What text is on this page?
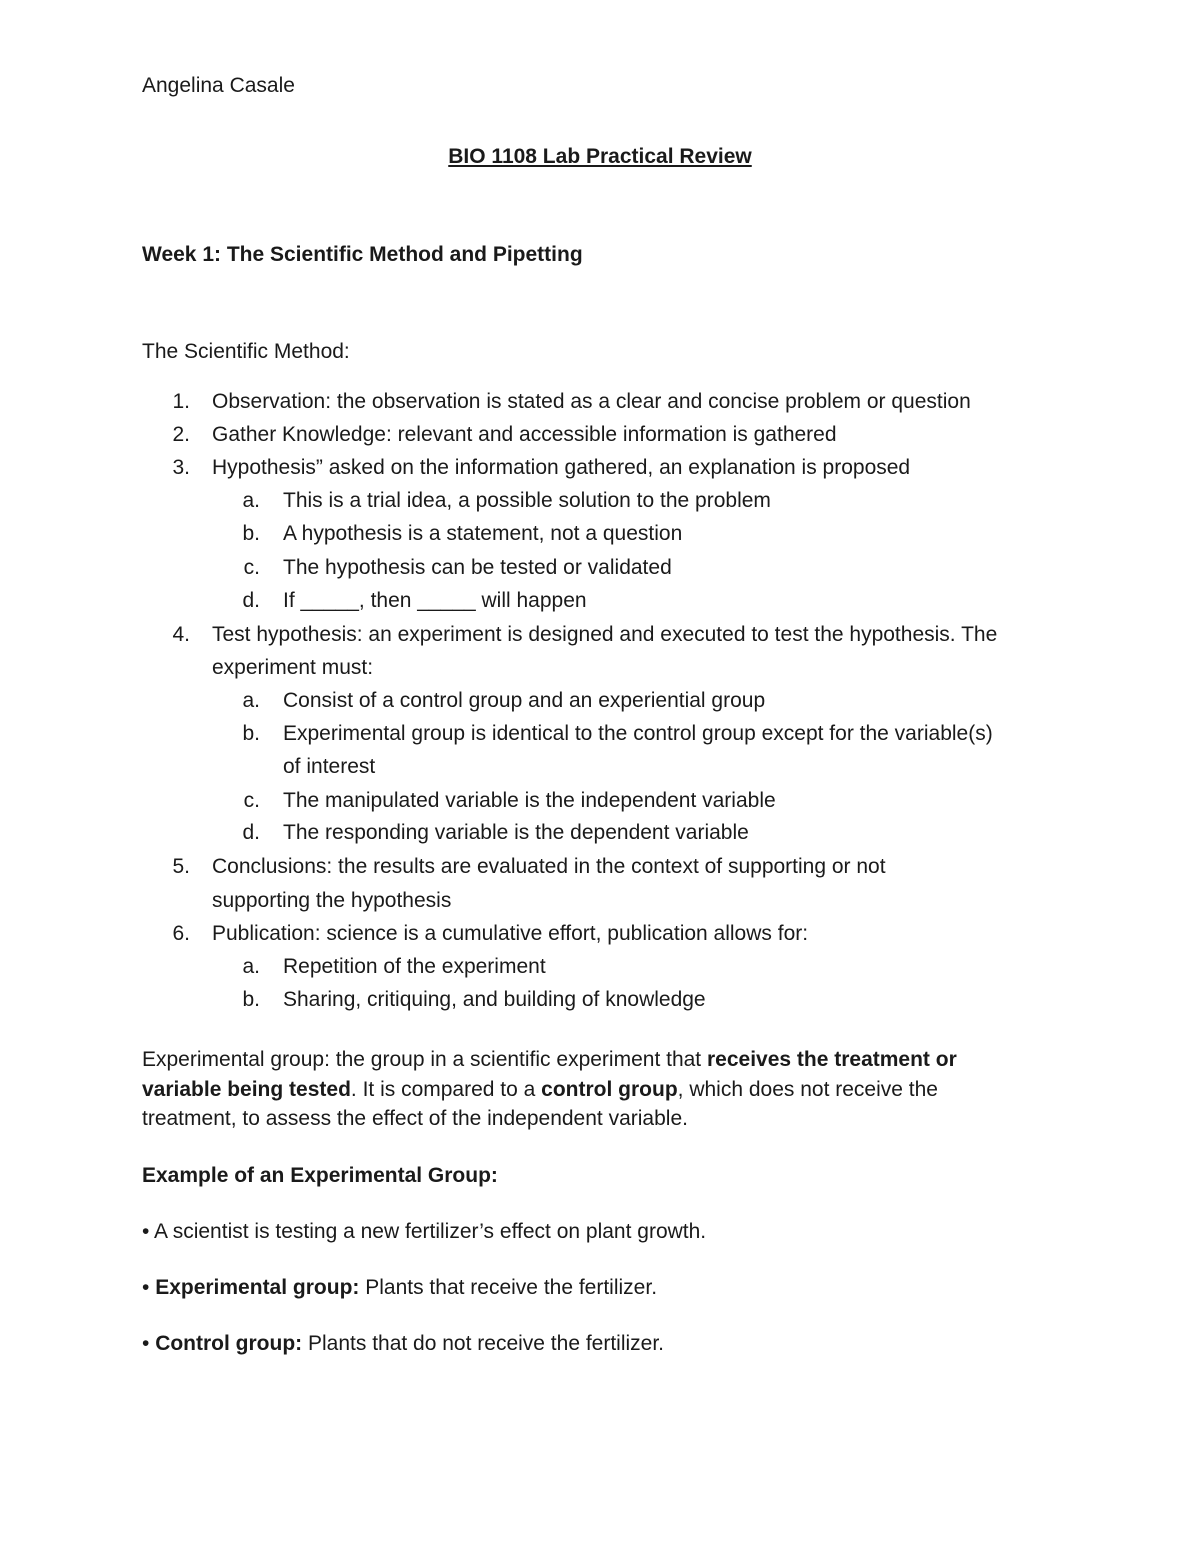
Angelina Casale
BIO 1108 Lab Practical Review
Week 1: The Scientific Method and Pipetting
The Scientific Method:
1. Observation: the observation is stated as a clear and concise problem or question
2. Gather Knowledge: relevant and accessible information is gathered
3. Hypothesis” asked on the information gathered, an explanation is proposed
a. This is a trial idea, a possible solution to the problem
b. A hypothesis is a statement, not a question
c. The hypothesis can be tested or validated
d. If _____, then _____ will happen
4. Test hypothesis: an experiment is designed and executed to test the hypothesis. The
experiment must:
a. Consist of a control group and an experiential group
b. Experimental group is identical to the control group except for the variable(s)
of interest
c. The manipulated variable is the independent variable
d. The responding variable is the dependent variable
5. Conclusions: the results are evaluated in the context of supporting or not
supporting the hypothesis
6. Publication: science is a cumulative effort, publication allows for:
a. Repetition of the experiment
b. Sharing, critiquing, and building of knowledge
Experimental group: the group in a scientific experiment that receives the treatment or
variable being tested. It is compared to a control group, which does not receive the
treatment, to assess the effect of the independent variable.
Example of an Experimental Group:
• A scientist is testing a new fertilizer’s effect on plant growth.
• Experimental group: Plants that receive the fertilizer.
• Control group: Plants that do not receive the fertilizer.
